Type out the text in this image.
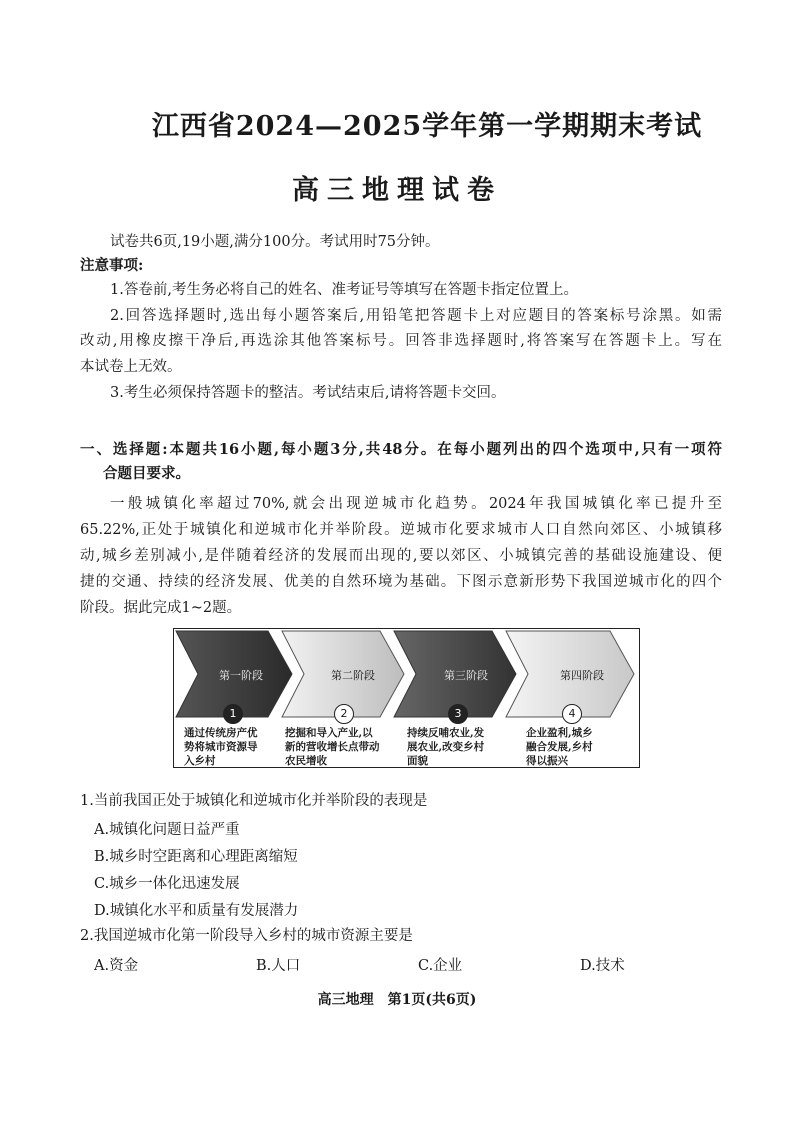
江西省2024—2025学年第一学期期末考试
高三地理试卷
试卷共6页,19小题,满分100分。考试用时75分钟。
注意事项:
1.答卷前,考生务必将自己的姓名、准考证号等填写在答题卡指定位置上。
2.回答选择题时,选出每小题答案后,用铅笔把答题卡上对应题目的答案标号涂黑。如需
改动,用橡皮擦干净后,再选涂其他答案标号。回答非选择题时,将答案写在答题卡上。写在
本试卷上无效。
3.考生必须保持答题卡的整洁。考试结束后,请将答题卡交回。
一、选择题:本题共16小题,每小题3分,共48分。在每小题列出的四个选项中,只有一项符
合题目要求。
一般城镇化率超过70%,就会出现逆城市化趋势。2024年我国城镇化率已提升至
65.22%,正处于城镇化和逆城市化并举阶段。逆城市化要求城市人口自然向郊区、小城镇移
动,城乡差别减小,是伴随着经济的发展而出现的,要以郊区、小城镇完善的基础设施建设、便
捷的交通、持续的经济发展、优美的自然环境为基础。下图示意新形势下我国逆城市化的四个
阶段。据此完成1~2题。
第一阶段	第二阶段	第三阶段	第四阶段
1	2	3	4
通过传统房产优
势将城市资源导
入乡村
挖掘和导入产业,以
新的营收增长点带动
农民增收
持续反哺农业,发
展农业,改变乡村
面貌
企业盈利,城乡
融合发展,乡村
得以振兴
1.当前我国正处于城镇化和逆城市化并举阶段的表现是
A.城镇化问题日益严重
B.城乡时空距离和心理距离缩短
C.城乡一体化迅速发展
D.城镇化水平和质量有发展潜力
2.我国逆城市化第一阶段导入乡村的城市资源主要是
A.资金	B.人口	C.企业	D.技术
高三地理　第1页(共6页)
